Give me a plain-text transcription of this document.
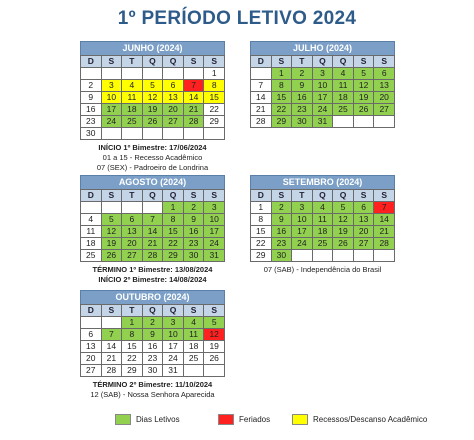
1º PERÍODO LETIVO 2024
JUNHO (2024)
D	S	T	Q	Q	S	S
						1
2	3	4	5	6	7	8
9	10	11	12	13	14	15
16	17	18	19	20	21	22
23	24	25	26	27	28	29
30						
INÍCIO 1º Bimestre: 17/06/2024
01 a 15 - Recesso Acadêmico
07 (SEX) - Padroeiro de Londrina
JULHO (2024)
D	S	T	Q	Q	S	S
	1	2	3	4	5	6
7	8	9	10	11	12	13
14	15	16	17	18	19	20
21	22	23	24	25	26	27
28	29	30	31			
AGOSTO (2024)
D	S	T	Q	Q	S	S
				1	2	3
4	5	6	7	8	9	10
11	12	13	14	15	16	17
18	19	20	21	22	23	24
25	26	27	28	29	30	31
TÉRMINO 1º Bimestre: 13/08/2024
INÍCIO 2º Bimestre: 14/08/2024
SETEMBRO (2024)
D	S	T	Q	Q	S	S
1	2	3	4	5	6	7
8	9	10	11	12	13	14
15	16	17	18	19	20	21
22	23	24	25	26	27	28
29	30					
07 (SAB) - Independência do Brasil
OUTUBRO (2024)
D	S	T	Q	Q	S	S
		1	2	3	4	5
6	7	8	9	10	11	12
13	14	15	16	17	18	19
20	21	22	23	24	25	26
27	28	29	30	31		
TÉRMINO 2º Bimestre: 11/10/2024
12 (SAB) - Nossa Senhora Aparecida
Dias Letivos	Feriados	Recessos/Descanso Acadêmico
